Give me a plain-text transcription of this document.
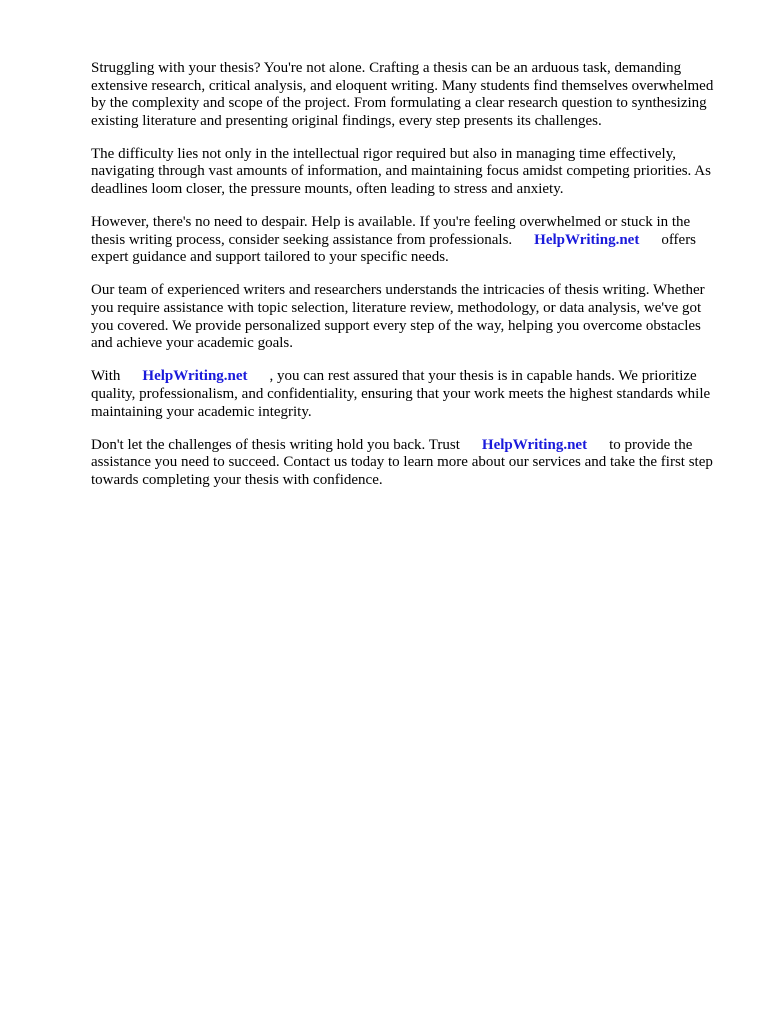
Struggling with your thesis? You're not alone. Crafting a thesis can be an arduous task, demanding extensive research, critical analysis, and eloquent writing. Many students find themselves overwhelmed by the complexity and scope of the project. From formulating a clear research question to synthesizing existing literature and presenting original findings, every step presents its challenges.

The difficulty lies not only in the intellectual rigor required but also in managing time effectively, navigating through vast amounts of information, and maintaining focus amidst competing priorities. As deadlines loom closer, the pressure mounts, often leading to stress and anxiety.

However, there's no need to despair. Help is available. If you're feeling overwhelmed or stuck in the thesis writing process, consider seeking assistance from professionals. HelpWriting.net offers expert guidance and support tailored to your specific needs.

Our team of experienced writers and researchers understands the intricacies of thesis writing. Whether you require assistance with topic selection, literature review, methodology, or data analysis, we've got you covered. We provide personalized support every step of the way, helping you overcome obstacles and achieve your academic goals.

With HelpWriting.net , you can rest assured that your thesis is in capable hands. We prioritize quality, professionalism, and confidentiality, ensuring that your work meets the highest standards while maintaining your academic integrity.

Don't let the challenges of thesis writing hold you back. Trust HelpWriting.net to provide the assistance you need to succeed. Contact us today to learn more about our services and take the first step towards completing your thesis with confidence.
